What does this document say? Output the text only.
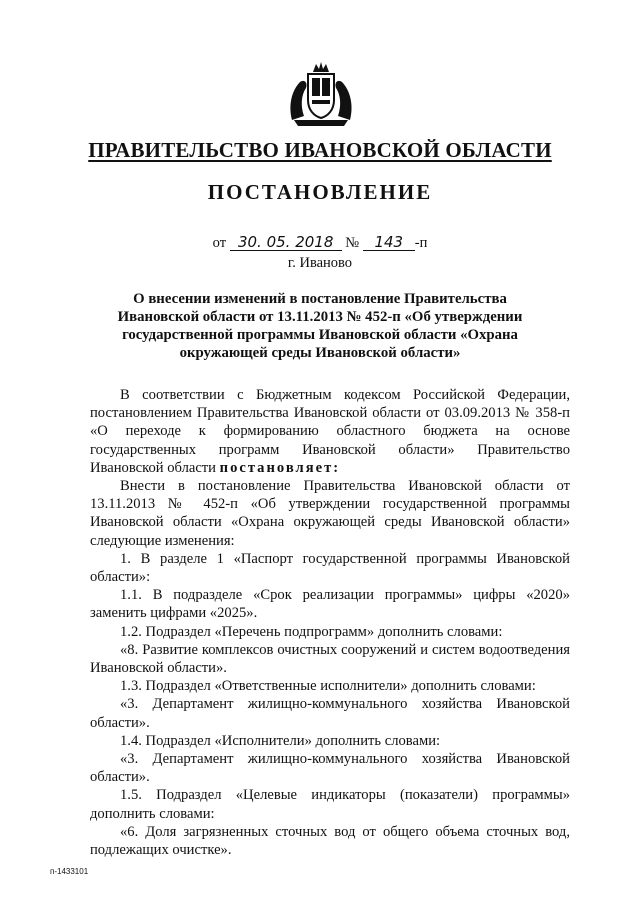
ПРАВИТЕЛЬСТВО ИВАНОВСКОЙ ОБЛАСТИ
ПОСТАНОВЛЕНИЕ
от 30. 05. 2018 № 143 -п
г. Иваново
О внесении изменений в постановление Правительства Ивановской области от 13.11.2013 № 452-п «Об утверждении государственной программы Ивановской области «Охрана окружающей среды Ивановской области»

В соответствии с Бюджетным кодексом Российской Федерации, постановлением Правительства Ивановской области от 03.09.2013 № 358-п «О переходе к формированию областного бюджета на основе государственных программ Ивановской области» Правительство Ивановской области постановляет:

Внести в постановление Правительства Ивановской области от 13.11.2013 № 452-п «Об утверждении государственной программы Ивановской области «Охрана окружающей среды Ивановской области» следующие изменения:

1. В разделе 1 «Паспорт государственной программы Ивановской области»:

1.1. В подразделе «Срок реализации программы» цифры «2020» заменить цифрами «2025».

1.2. Подраздел «Перечень подпрограмм» дополнить словами:

«8. Развитие комплексов очистных сооружений и систем водоотведения Ивановской области».

1.3. Подраздел «Ответственные исполнители» дополнить словами:

«3. Департамент жилищно-коммунального хозяйства Ивановской области».

1.4. Подраздел «Исполнители» дополнить словами:

«3. Департамент жилищно-коммунального хозяйства Ивановской области».

1.5. Подраздел «Целевые индикаторы (показатели) программы» дополнить словами:

«6. Доля загрязненных сточных вод от общего объема сточных вод, подлежащих очистке».

п-1433101
